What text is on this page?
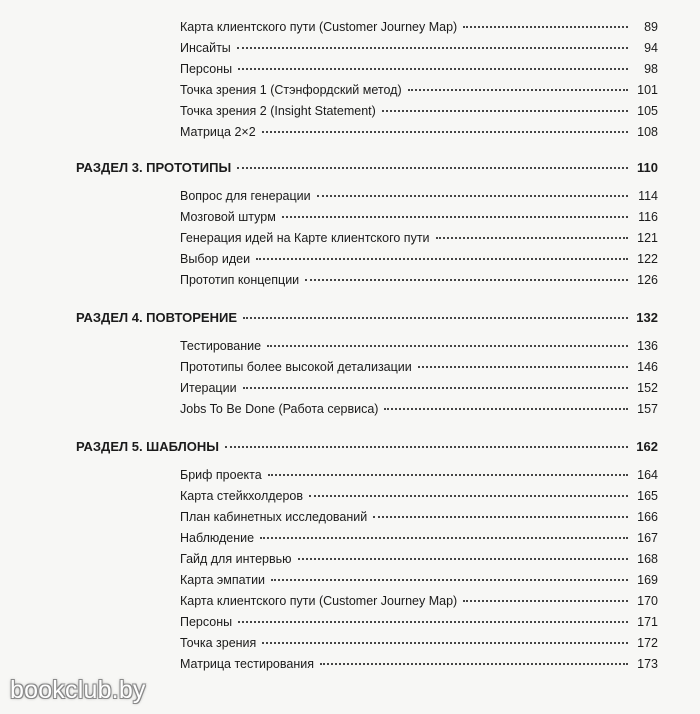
Карта клиентского пути (Customer Journey Map)	89
Инсайты	94
Персоны	98
Точка зрения 1 (Стэнфордский метод)	101
Точка зрения 2 (Insight Statement)	105
Матрица 2×2	108
РАЗДЕЛ 3. ПРОТОТИПЫ	110
Вопрос для генерации	114
Мозговой штурм	116
Генерация идей на Карте клиентского пути	121
Выбор идеи	122
Прототип концепции	126
РАЗДЕЛ 4. ПОВТОРЕНИЕ	132
Тестирование	136
Прототипы более высокой детализации	146
Итерации	152
Jobs To Be Done (Работа сервиса)	157
РАЗДЕЛ 5. ШАБЛОНЫ	162
Бриф проекта	164
Карта стейкхолдеров	165
План кабинетных исследований	166
Наблюдение	167
Гайд для интервью	168
Карта эмпатии	169
Карта клиентского пути (Customer Journey Map)	170
Персоны	171
Точка зрения	172
Матрица тестирования	173
bookclub.by
